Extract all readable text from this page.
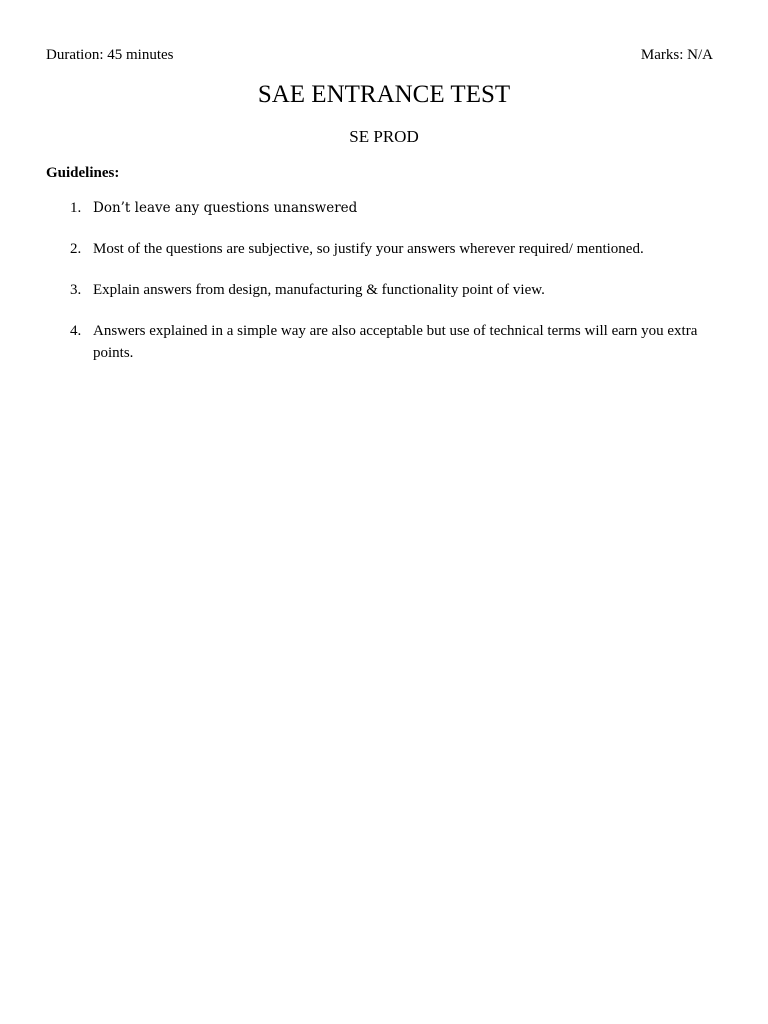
Duration: 45 minutes	Marks: N/A
SAE ENTRANCE TEST
SE PROD
Guidelines:
1. Don’t leave any questions unanswered
2. Most of the questions are subjective, so justify your answers wherever required/ mentioned.
3. Explain answers from design, manufacturing & functionality point of view.
4. Answers explained in a simple way are also acceptable but use of technical terms will earn you extra points.
